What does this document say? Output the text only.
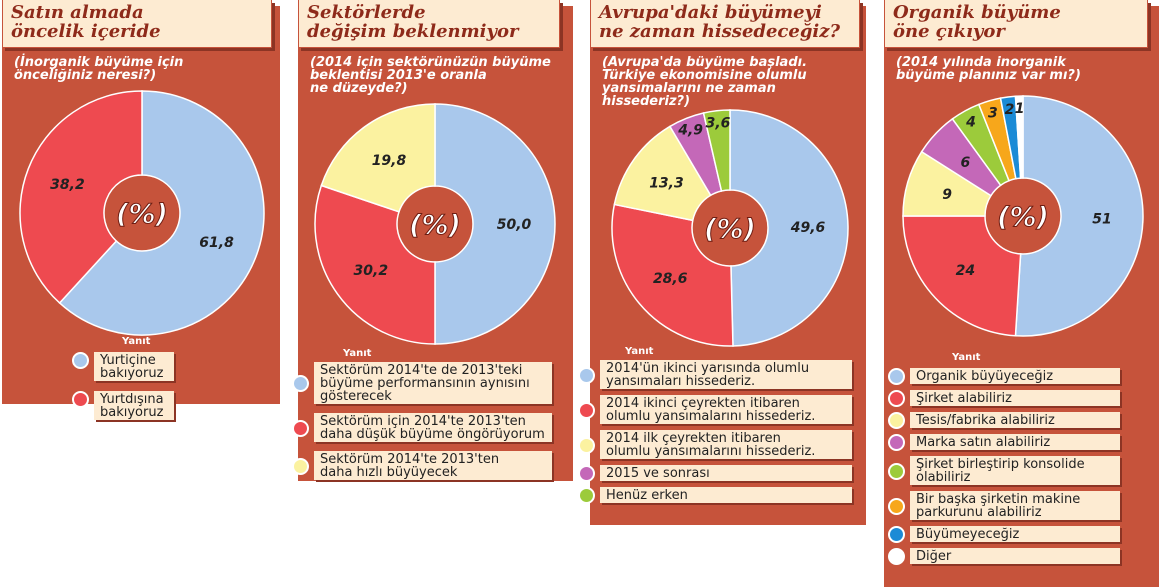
Satın almada
öncelik içeride
(İnorganik büyüme için
önceliğiniz neresi?)
61,8
38,2
(%)
Yanıt
Yurtiçine bakıyoruz
Yurtdışına bakıyoruz
Sektörlerde
değişim beklenmiyor
(2014 için sektörünüzün büyüme
beklentisi 2013'e oranla
ne düzeyde?)
50,0
30,2
19,8
(%)
Yanıt
Sektörüm 2014'te de 2013'teki
büyüme performansının aynısını
gösterecek
Sektörüm için 2014'te 2013'ten
daha düşük büyüme öngörüyorum
Sektörüm 2014'te 2013'ten
daha hızlı büyüyecek
Avrupa'daki büyümeyi
ne zaman hissedeceğiz?
(Avrupa'da büyüme başladı.
Türkiye ekonomisine olumlu
yansımalarını ne zaman hissederiz?)
49,6
28,6
13,3
4,9 3,6
(%)
Yanıt
2014'ün ikinci yarısında olumlu
yansımaları hissederiz.
2014 ikinci çeyrekten itibaren
olumlu yansımalarını hissederiz.
2014 ilk çeyrekten itibaren
olumlu yansımalarını hissederiz.
2015 ve sonrası
Henüz erken
Organik büyüme
öne çıkıyor
(2014 yılında inorganik
büyüme planınız var mı?)
51
24
9
6
4
3 2 1
(%)
Yanıt
Organik büyüyeceğiz
Şirket alabiliriz
Tesis/fabrika alabiliriz
Marka satın alabiliriz
Şirket birleştirip konsolide
olabiliriz
Bir başka şirketin makine
parkurunu alabiliriz
Büyümeyeceğiz
Diğer
